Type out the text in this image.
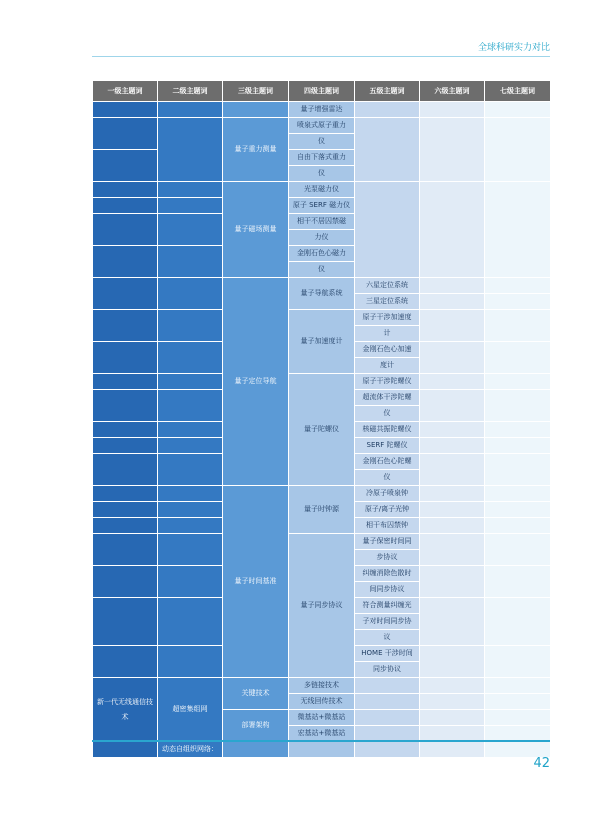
全球科研实力对比
一级主题词	二级主题词	三级主题词	四级主题词	五级主题词	六级主题词	七级主题词
			量子增强雷达			
		量子重力测量	喷泉式原子重力			
			仪			
			自由下落式重力			
			仪			
		量子磁场测量	光泵磁力仪			
			原子 SERF 磁力仪			
			相干不居囚禁磁			
			力仪			
			金刚石色心磁力			
			仪			
		量子定位导航	量子导航系统	六星定位系统		
				三星定位系统		
			量子加速度计	原子干涉加速度		
				计		
				金刚石色心加速		
				度计		
			量子陀螺仪	原子干涉陀螺仪		
				超流体干涉陀螺		
				仪		
				核磁共振陀螺仪		
				SERF 陀螺仪		
				金刚石色心陀螺		
				仪		
		量子时间基准	量子时钟源	冷原子喷泉钟		
				原子/离子光钟		
				相干布囚禁钟		
			量子同步协议	量子保密时间同		
				步协议		
				纠缠消除色散时		
				间同步协议		
				符合测量纠缠光		
				子对时间同步协		
				议		
				HOME 干涉时间		
				同步协议		
新一代无线通信技术	超密集组网	关键技术	多链接技术			
			无线回传技术			
		部署架构	微基站+微基站			
			宏基站+微基站			
	动态自组织网络：					
42
